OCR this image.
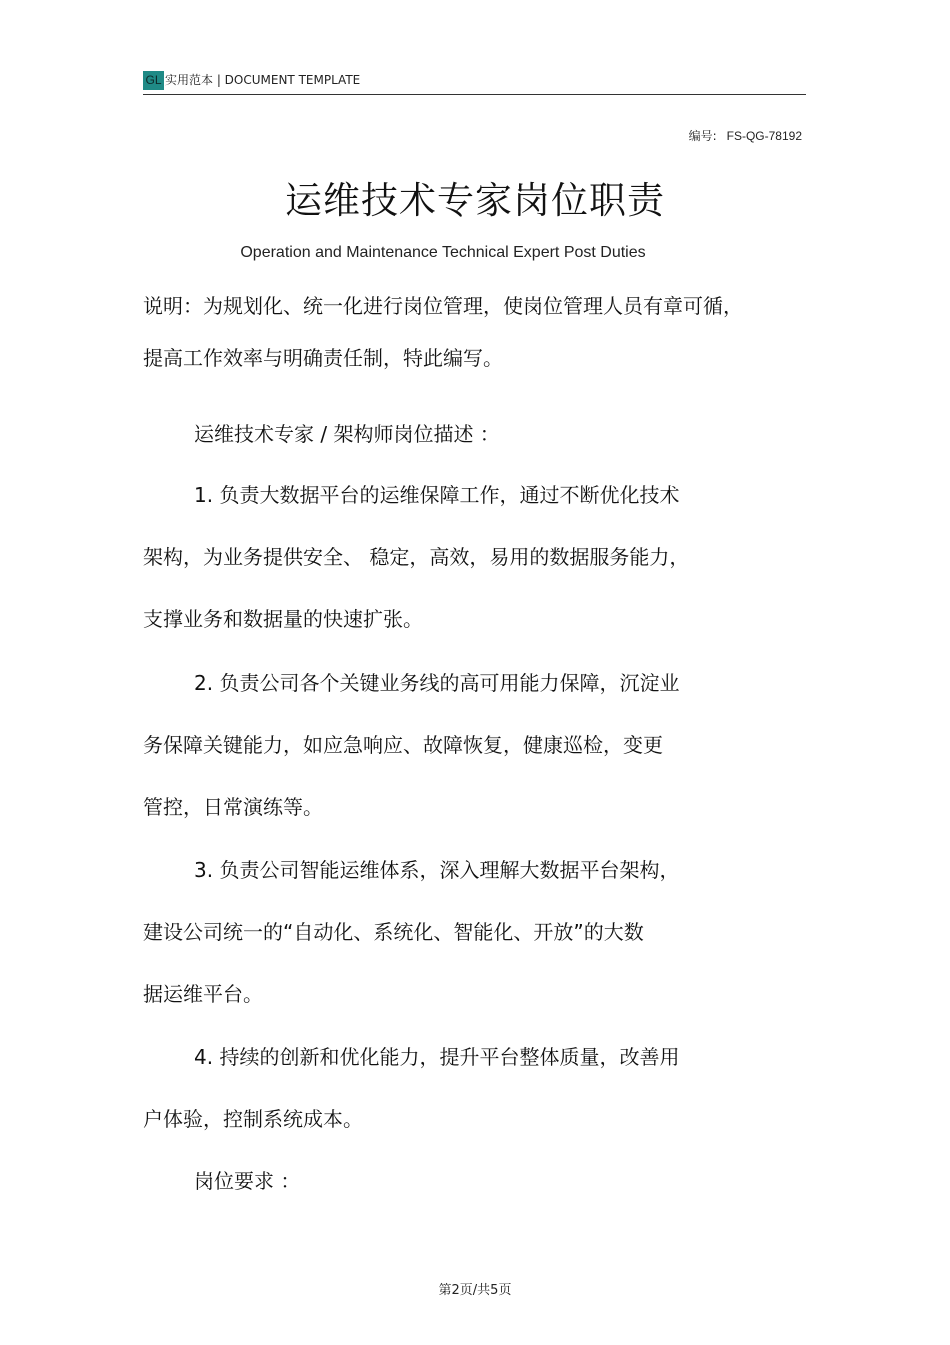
GL 实用范本 | DOCUMENT TEMPLATE
编号: FS-QG-78192
运维技术专家岗位职责
Operation and Maintenance Technical Expert Post Duties
说明：为规划化、统一化进行岗位管理，使岗位管理人员有章可循，
提高工作效率与明确责任制，特此编写。
运维技术专家 / 架构师岗位描述 ：
1. 负责大数据平台的运维保障工作，通过不断优化技术
架构，为业务提供安全、 稳定，高效，易用的数据服务能力，
支撑业务和数据量的快速扩张。
2. 负责公司各个关键业务线的高可用能力保障，沉淀业
务保障关键能力，如应急响应、故障恢复，健康巡检，变更
管控，日常演练等。
3. 负责公司智能运维体系，深入理解大数据平台架构，
建设公司统一的“自动化、系统化、智能化、开放”的大数
据运维平台。
4. 持续的创新和优化能力，提升平台整体质量，改善用
户体验，控制系统成本。
岗位要求 ：
第2页/共5页
